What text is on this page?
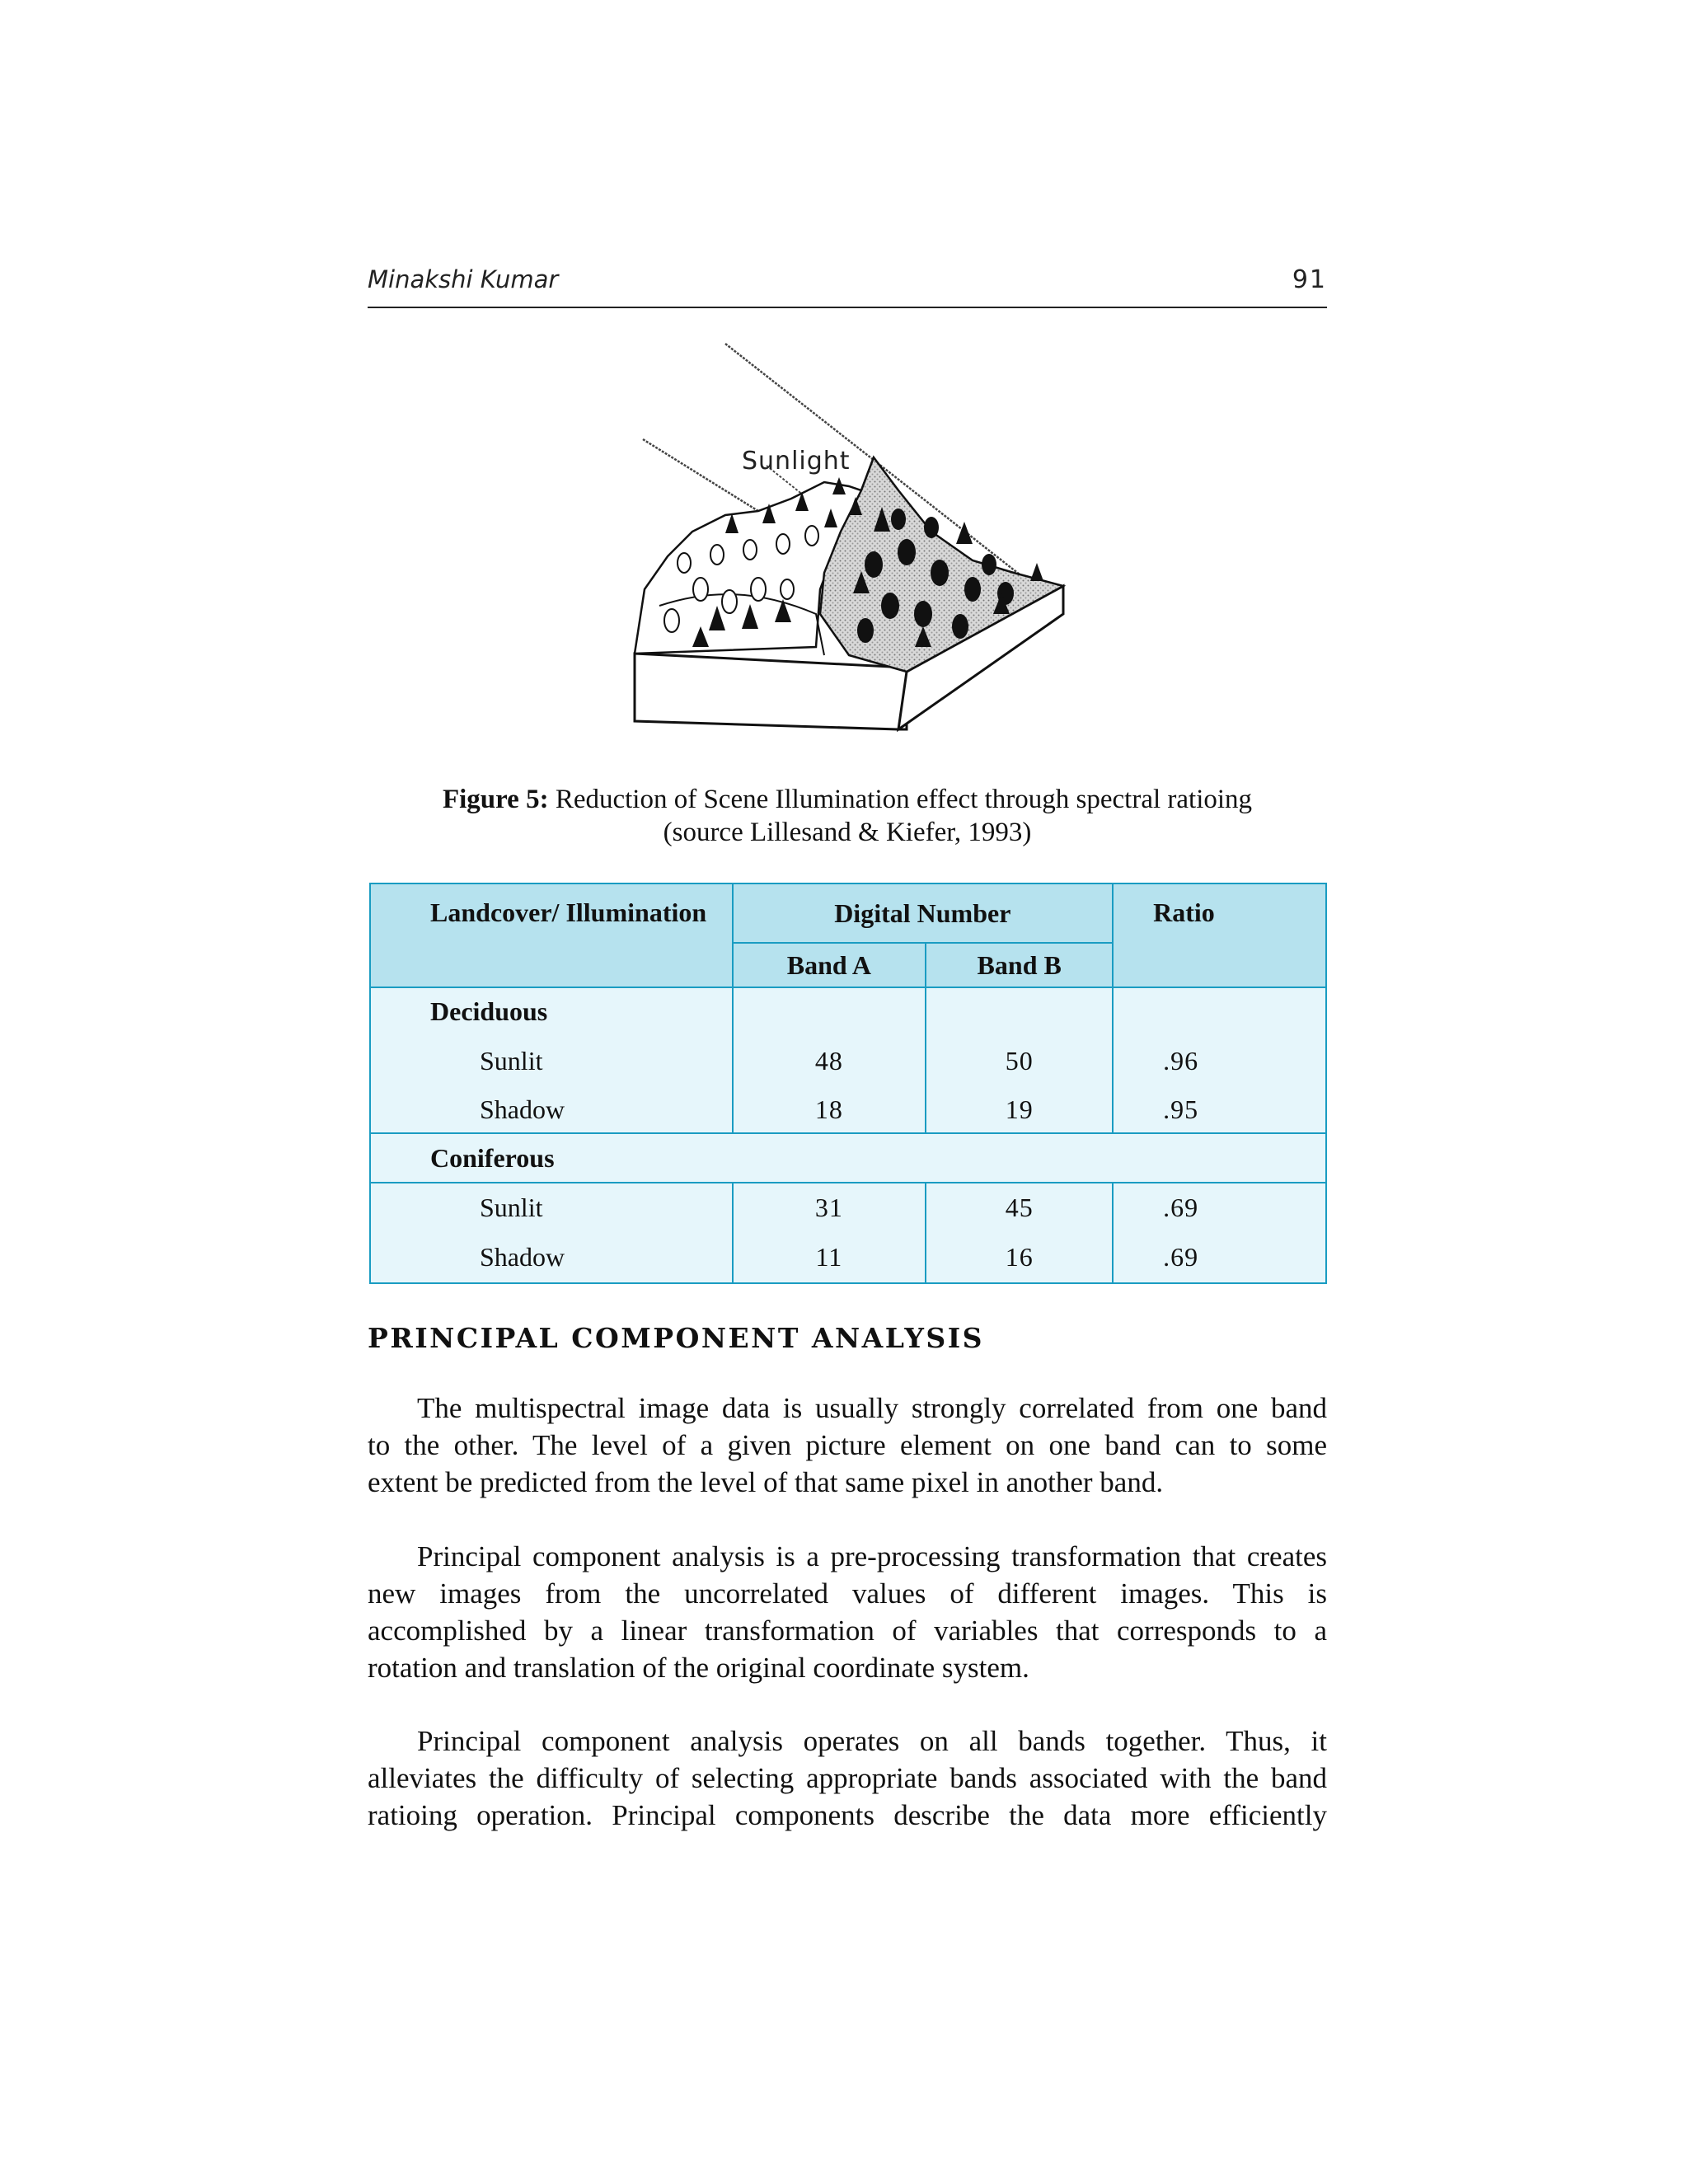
Minakshi Kumar	91
Sunlight
Figure 5: Reduction of Scene Illumination effect through spectral ratioing
(source Lillesand & Kiefer, 1993)
Landcover/ Illumination	Digital Number		Ratio
	Band A	Band B	
Deciduous			
Sunlit	48	50	.96
Shadow	18	19	.95
Coniferous			
Sunlit	31	45	.69
Shadow	11	16	.69
PRINCIPAL COMPONENT ANALYSIS
The multispectral image data is usually strongly correlated from one band
to the other. The level of a given picture element on one band can to some
extent be predicted from the level of that same pixel in another band.
Principal component analysis is a pre-processing transformation that creates
new images from the uncorrelated values of different images. This is
accomplished by a linear transformation of variables that corresponds to a
rotation and translation of the original coordinate system.
Principal component analysis operates on all bands together. Thus, it
alleviates the difficulty of selecting appropriate bands associated with the band
ratioing operation. Principal components describe the data more efficiently
